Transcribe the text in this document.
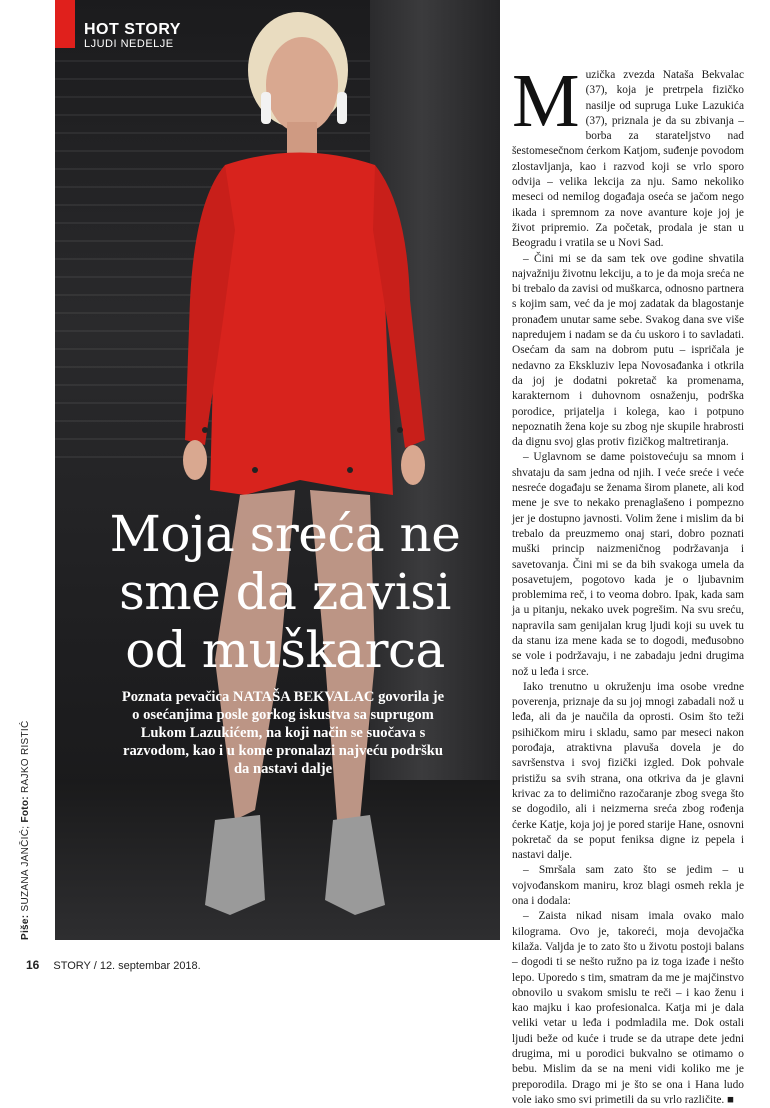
HOT STORY
LJUDI NEDELJE
Moja sreća ne
sme da zavisi
od muškarca
Poznata pevačica NATAŠA BEKVALAC govorila je o osećanjima posle gorkog iskustva sa suprugom Lukom Lazukićem, na koji način se suočava s razvodom, kao i u kome pronalazi najveću podršku da nastavi dalje
Piše: SUZANA JANČIĆ; Foto: RAJKO RISTIĆ

Muzička zvezda Nataša Bekvalac (37), koja je pretrpela fizičko nasilje od supruga Luke Lazukića (37), priznala je da su zbivanja – borba za starateljstvo nad šestomesečnom ćerkom Katjom, suđenje povodom zlostavljanja, kao i razvod koji se vrlo sporo odvija – velika lekcija za nju. Samo nekoliko meseci od nemilog događaja oseća se jačom nego ikada i spremnom za nove avanture koje joj je život pripremio. Za početak, prodala je stan u Beogradu i vratila se u Novi Sad.

– Čini mi se da sam tek ove godine shvatila najvažniju životnu lekciju, a to je da moja sreća ne bi trebalo da zavisi od muškarca, odnosno partnera s kojim sam, već da je moj zadatak da blagostanje pronađem unutar same sebe. Svakog dana sve više napredujem i nadam se da ću uskoro i to savladati. Osećam da sam na dobrom putu – ispričala je nedavno za Ekskluziv lepa Novosađanka i otkrila da joj je dodatni pokretač ka promenama, karakternom i duhovnom osnaženju, podrška porodice, prijatelja i kolega, kao i potpuno nepoznatih žena koje su zbog nje skupile hrabrosti da dignu svoj glas protiv fizičkog maltretiranja.

– Uglavnom se dame poistovećuju sa mnom i shvataju da sam jedna od njih. I veće sreće i veće nesreće događaju se ženama širom planete, ali kod mene je sve to nekako prenaglašeno i pompezno jer je dostupno javnosti. Volim žene i mislim da bi trebalo da preuzmemo onaj stari, dobro poznati muški princip naizmeničnog podržavanja i savetovanja. Čini mi se da bih svakoga umela da posavetujem, pogotovo kada je o ljubavnim problemima reč, i to veoma dobro. Ipak, kada sam ja u pitanju, nekako uvek pogrešim. Na svu sreću, napravila sam genijalan krug ljudi koji su uvek tu da stanu iza mene kada se to dogodi, međusobno se vole i podržavaju, i ne zabadaju jedni drugima nož u leđa i srce.

Iako trenutno u okruženju ima osobe vredne poverenja, priznaje da su joj mnogi zabadali nož u leđa, ali da je naučila da oprosti. Osim što teži psihičkom miru i skladu, samo par meseci nakon porođaja, atraktivna plavuša dovela je do savršenstva i svoj fizički izgled. Dok pohvale pristižu sa svih strana, ona otkriva da je glavni krivac za to delimično razočaranje zbog svega što se dogodilo, ali i neizmerna sreća zbog rođenja ćerke Katje, koja joj je pored starije Hane, osnovni pokretač da se poput feniksa digne iz pepela i nastavi dalje.

– Smršala sam zato što se jedim – u vojvođanskom maniru, kroz blagi osmeh rekla je ona i dodala:

– Zaista nikad nisam imala ovako malo kilograma. Ovo je, takoreći, moja devojačka kilaža. Valjda je to zato što u životu postoji balans – dogodi ti se nešto ružno pa iz toga izađe i nešto lepo. Uporedo s tim, smatram da me je majčinstvo obnovilo u svakom smislu te reči – i kao ženu i kao majku i kao profesionalca. Katja mi je dala veliki vetar u leđa i podmladila me. Dok ostali ljudi beže od kuće i trude se da utrape dete jedni drugima, mi u porodici bukvalno se otimamo o bebu. Mislim da se na meni vidi koliko me je preporodila. Drago mi je što se ona i Hana ludo vole iako smo svi primetili da su vrlo različite. ■

16 STORY / 12. septembar 2018.
